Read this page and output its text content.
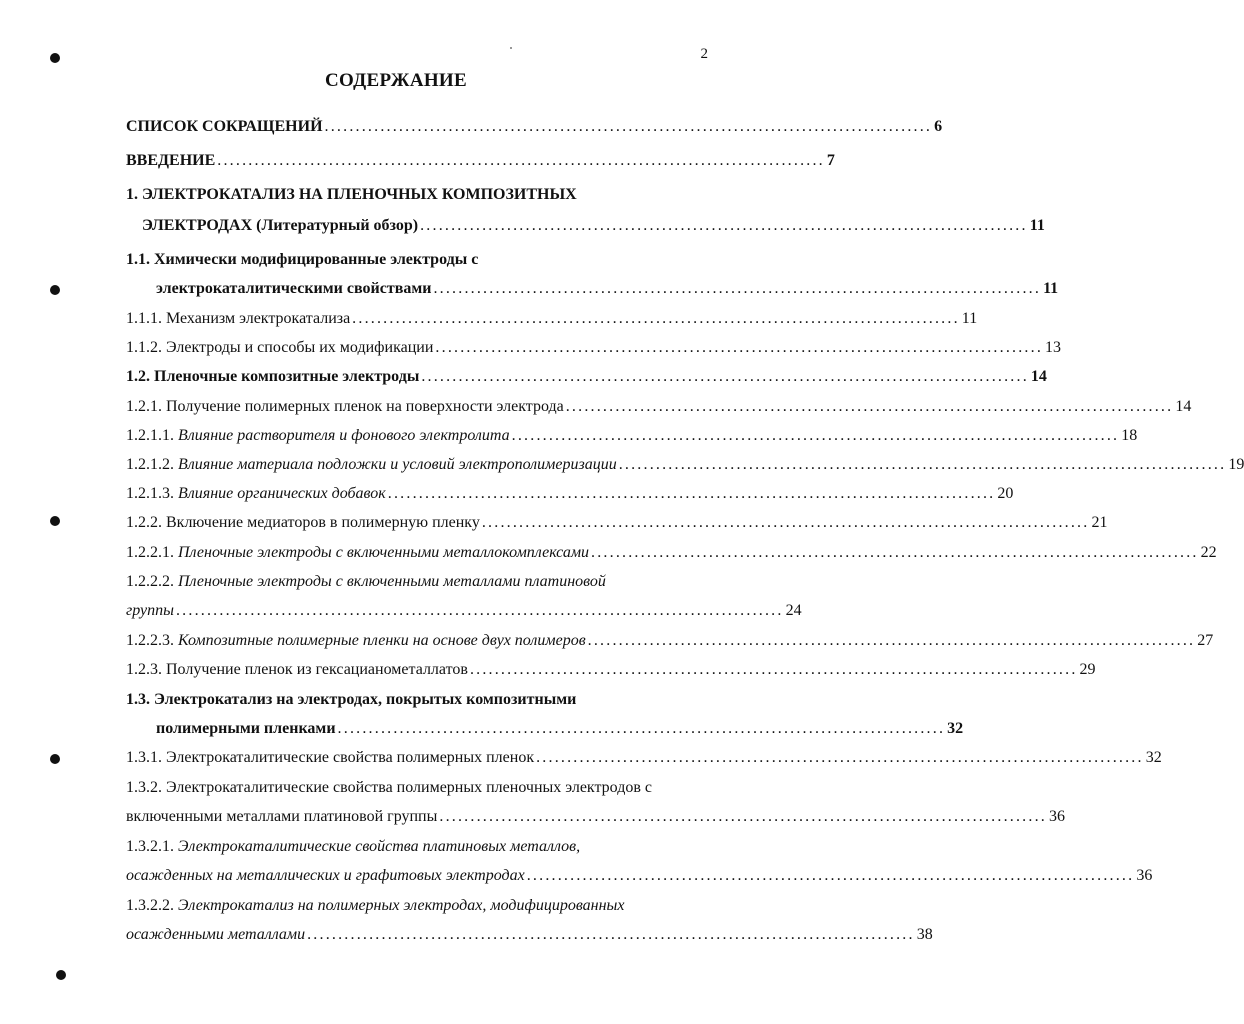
2
СОДЕРЖАНИЕ
СПИСОК СОКРАЩЕНИЙ .................................................................................................. 6
ВВЕДЕНИЕ .................................................................................................. 7
1. ЭЛЕКТРОКАТАЛИЗ НА ПЛЕНОЧНЫХ КОМПОЗИТНЫХ
ЭЛЕКТРОДАХ (Литературный обзор) .................................................................................................. 11
1.1. Химически модифицированные электроды с
электрокаталитическими свойствами .................................................................................................. 11
1.1.1. Механизм электрокатализа .................................................................................................. 11
1.1.2. Электроды и способы их модификации .................................................................................................. 13
1.2. Пленочные композитные электроды .................................................................................................. 14
1.2.1. Получение полимерных пленок на поверхности электрода .................................................................................................. 14
1.2.1.1. Влияние растворителя и фонового электролита .................................................................................................. 18
1.2.1.2. Влияние материала подложки и условий электрополимеризации .................................................................................................. 19
1.2.1.3. Влияние органических добавок .................................................................................................. 20
1.2.2. Включение медиаторов в полимерную пленку .................................................................................................. 21
1.2.2.1. Пленочные электроды с включенными металлокомплексами .................................................................................................. 22
1.2.2.2. Пленочные электроды с включенными металлами платиновой
группы .................................................................................................. 24
1.2.2.3. Композитные полимерные пленки на основе двух полимеров .................................................................................................. 27
1.2.3. Получение пленок из гексацианометаллатов .................................................................................................. 29
1.3. Электрокатализ на электродах, покрытых композитными
полимерными пленками .................................................................................................. 32
1.3.1. Электрокаталитические свойства полимерных пленок .................................................................................................. 32
1.3.2. Электрокаталитические свойства полимерных пленочных электродов с
включенными металлами платиновой группы .................................................................................................. 36
1.3.2.1. Электрокаталитические свойства платиновых металлов,
осажденных на металлических и графитовых электродах .................................................................................................. 36
1.3.2.2. Электрокатализ на полимерных электродах, модифицированных
осажденными металлами .................................................................................................. 38
